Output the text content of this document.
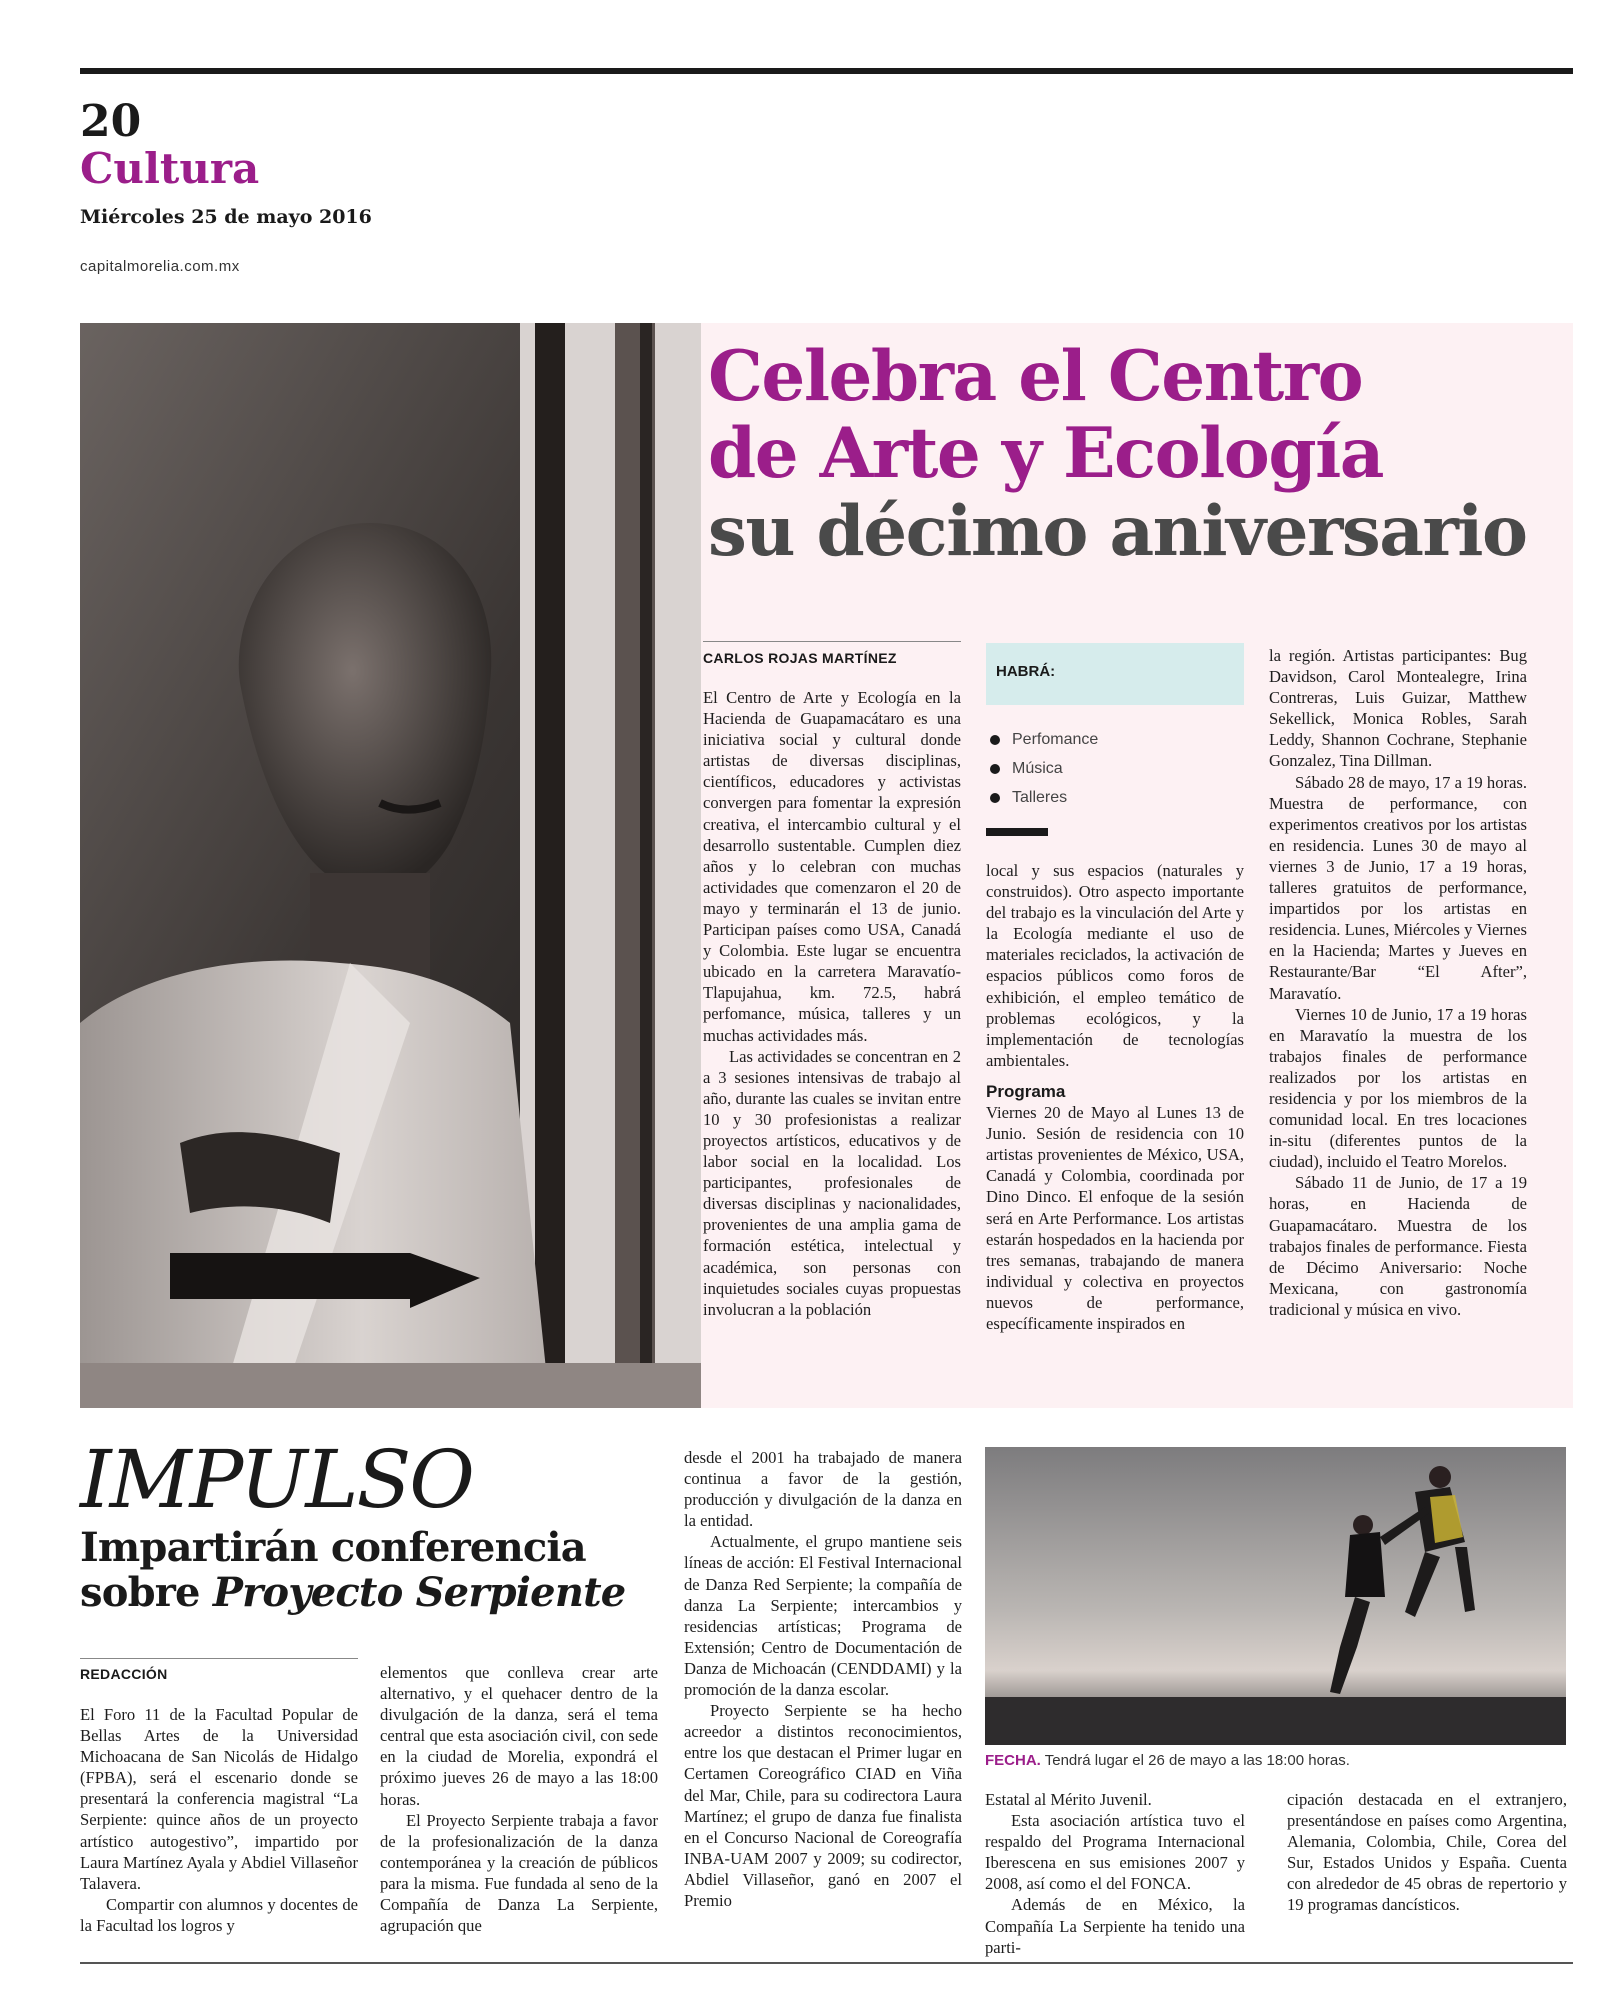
20
Cultura
Miércoles 25 de mayo 2016
capitalmorelia.com.mx
Celebra el Centro
de Arte y Ecología
su décimo aniversario
CARLOS ROJAS MARTÍNEZ

El Centro de Arte y Ecología en la Hacienda de Guapamacátaro es una iniciativa social y cultural donde artistas de diversas disciplinas, científicos, educadores y activistas convergen para fomentar la expresión creativa, el intercambio cultural y el desarrollo sustentable. Cumplen diez años y lo celebran con muchas actividades que comenzaron el 20 de mayo y terminarán el 13 de junio. Participan países como USA, Canadá y Colombia. Este lugar se encuentra ubicado en la carretera Maravatío-Tlapujahua, km. 72.5, habrá perfomance, música, talleres y un muchas actividades más.

Las actividades se concentran en 2 a 3 sesiones intensivas de trabajo al año, durante las cuales se invitan entre 10 y 30 profesionistas a realizar proyectos artísticos, educativos y de labor social en la localidad. Los participantes, profesionales de diversas disciplinas y nacionalidades, provenientes de una amplia gama de formación estética, intelectual y académica, son personas con inquietudes sociales cuyas propuestas involucran a la población

HABRÁ:
Perfomance
Música
Talleres

local y sus espacios (naturales y construidos). Otro aspecto importante del trabajo es la vinculación del Arte y la Ecología mediante el uso de materiales reciclados, la activación de espacios públicos como foros de exhibición, el empleo temático de problemas ecológicos, y la implementación de tecnologías ambientales.

Programa

Viernes 20 de Mayo al Lunes 13 de Junio. Sesión de residencia con 10 artistas provenientes de México, USA, Canadá y Colombia, coordinada por Dino Dinco. El enfoque de la sesión será en Arte Performance. Los artistas estarán hospedados en la hacienda por tres semanas, trabajando de manera individual y colectiva en proyectos nuevos de performance, específicamente inspirados en

la región. Artistas participantes: Bug Davidson, Carol Montealegre, Irina Contreras, Luis Guizar, Matthew Sekellick, Monica Robles, Sarah Leddy, Shannon Cochrane, Stephanie Gonzalez, Tina Dillman.

Sábado 28 de mayo, 17 a 19 horas. Muestra de performance, con experimentos creativos por los artistas en residencia. Lunes 30 de mayo al viernes 3 de Junio, 17 a 19 horas, talleres gratuitos de performance, impartidos por los artistas en residencia. Lunes, Miércoles y Viernes en la Hacienda; Martes y Jueves en Restaurante/Bar “El After”, Maravatío.

Viernes 10 de Junio, 17 a 19 horas en Maravatío la muestra de los trabajos finales de performance realizados por los artistas en residencia y por los miembros de la comunidad local. En tres locaciones in-situ (diferentes puntos de la ciudad), incluido el Teatro Morelos.

Sábado 11 de Junio, de 17 a 19 horas, en Hacienda de Guapamacátaro. Muestra de los trabajos finales de performance. Fiesta de Décimo Aniversario: Noche Mexicana, con gastronomía tradicional y música en vivo.

IMPULSO
Impartirán conferencia
sobre Proyecto Serpiente
REDACCIÓN

El Foro 11 de la Facultad Popular de Bellas Artes de la Universidad Michoacana de San Nicolás de Hidalgo (FPBA), será el escenario donde se presentará la conferencia magistral “La Serpiente: quince años de un proyecto artístico autogestivo”, impartido por Laura Martínez Ayala y Abdiel Villaseñor Talavera.

Compartir con alumnos y docentes de la Facultad los logros y

elementos que conlleva crear arte alternativo, y el quehacer dentro de la divulgación de la danza, será el tema central que esta asociación civil, con sede en la ciudad de Morelia, expondrá el próximo jueves 26 de mayo a las 18:00 horas.

El Proyecto Serpiente trabaja a favor de la profesionalización de la danza contemporánea y la creación de públicos para la misma. Fue fundada al seno de la Compañía de Danza La Serpiente, agrupación que

desde el 2001 ha trabajado de manera continua a favor de la gestión, producción y divulgación de la danza en la entidad.

Actualmente, el grupo mantiene seis líneas de acción: El Festival Internacional de Danza Red Serpiente; la compañía de danza La Serpiente; intercambios y residencias artísticas; Programa de Extensión; Centro de Documentación de Danza de Michoacán (CENDDAMI) y la promoción de la danza escolar.

Proyecto Serpiente se ha hecho acreedor a distintos reconocimientos, entre los que destacan el Primer lugar en Certamen Coreográfico CIAD en Viña del Mar, Chile, para su codirectora Laura Martínez; el grupo de danza fue finalista en el Concurso Nacional de Coreografía INBA-UAM 2007 y 2009; su codirector, Abdiel Villaseñor, ganó en 2007 el Premio

FECHA. Tendrá lugar el 26 de mayo a las 18:00 horas.

Estatal al Mérito Juvenil.

Esta asociación artística tuvo el respaldo del Programa Internacional Iberescena en sus emisiones 2007 y 2008, así como el del FONCA.

Además de en México, la Compañía La Serpiente ha tenido una parti-

cipación destacada en el extranjero, presentándose en países como Argentina, Alemania, Colombia, Chile, Corea del Sur, Estados Unidos y España. Cuenta con alrededor de 45 obras de repertorio y 19 programas dancísticos.
